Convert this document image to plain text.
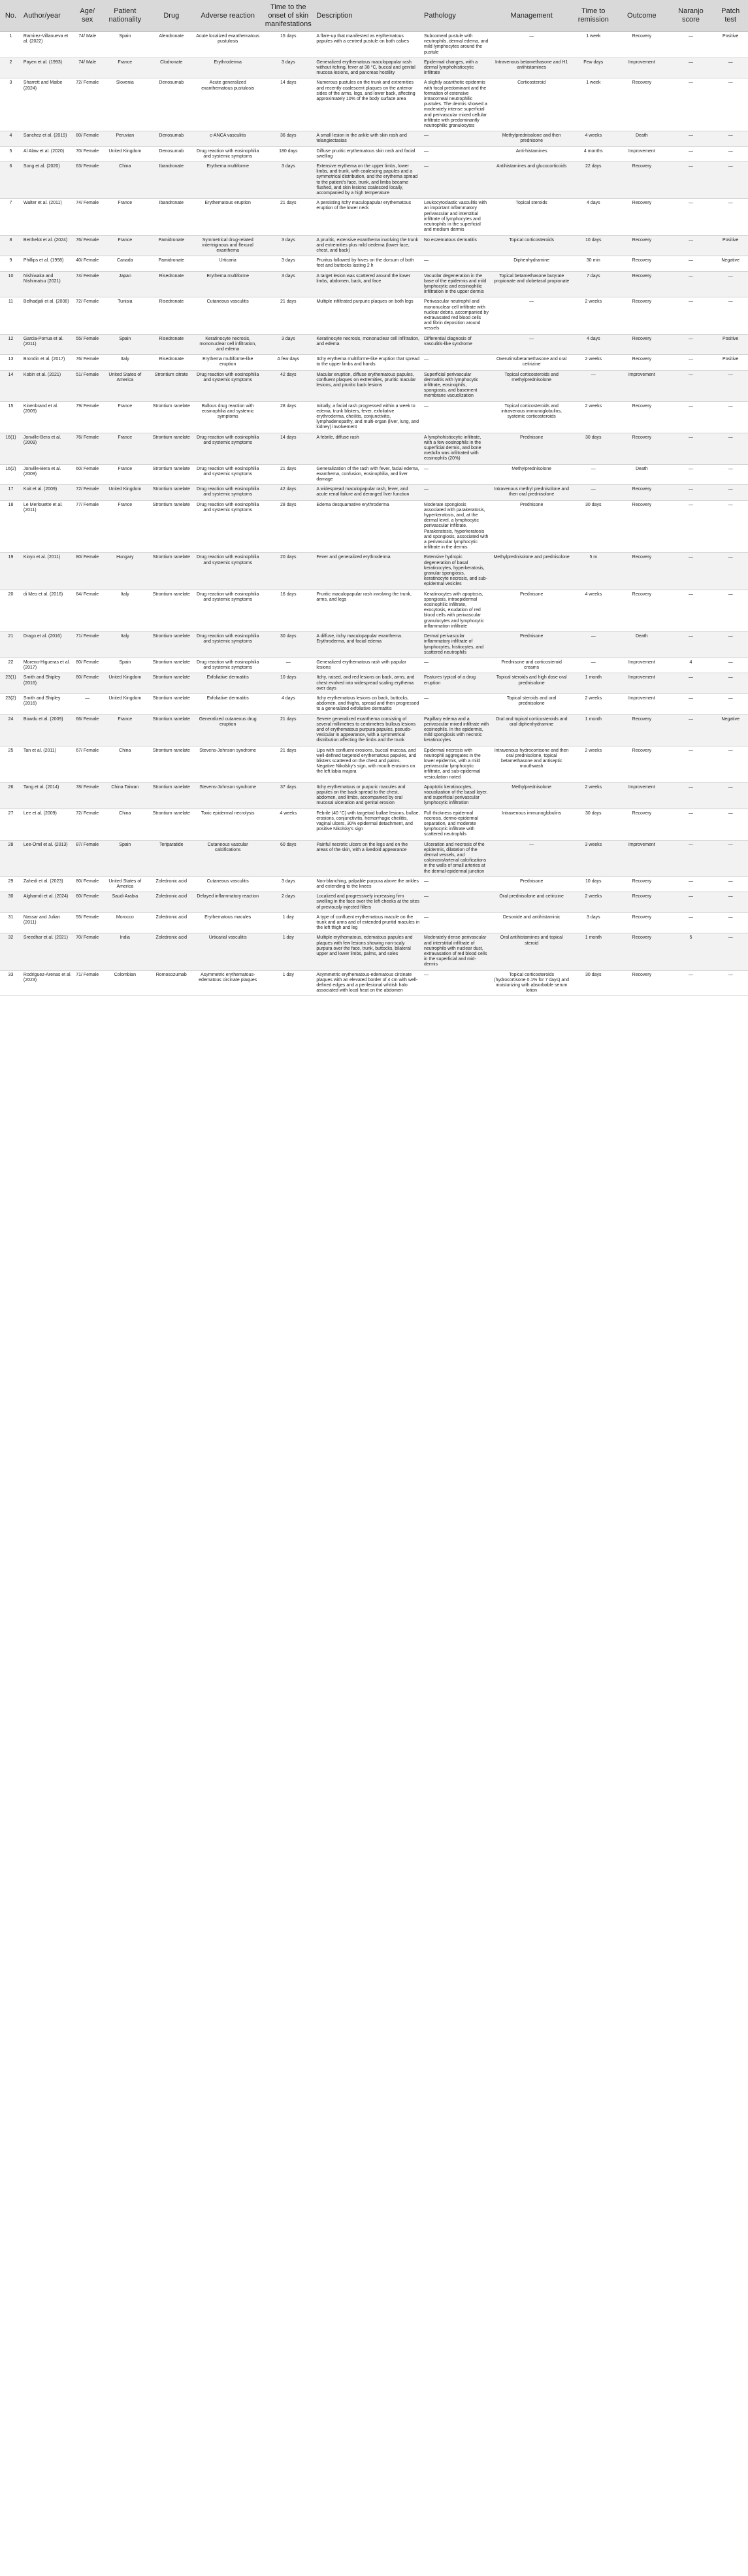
No.	Author/year	Age/ sex	Patient nationality	Drug	Adverse reaction	Time to the onset of skin manifestations	Description	Pathology	Management	Time to remission	Outcome	Naranjo score	Patch test
1	Ramirez-Villanueva et al. (2022)	74/ Male	Spain	Alendronate	Acute localized exanthematous pustulosis	15 days	A flare-up that manifested as erythematous papules with a centred pustule on both calves	Subcorneal pustule with neutrophils, dermal edema, and mild lymphocytes around the pustule	—	1 week	Recovery	—	Positive
2	Payen et al. (1993)	74/ Male	France	Clodronate	Erythroderma	3 days	Generalized erythematous maculopapular rash without itching, fever at 38 °C, buccal and genital mucosa lesions, and pancreas hostility	Epidermal changes, with a dermal lymphohistiocytic infiltrate	Intravenous betamethasone and H1 antihistamines	Few days	Improvement	—	—
3	Sharrett and Maibe (2024)	72/ Female	Slovenia	Denosumab	Acute generalized exanthematous pustulosis	14 days	Numerous pustules on the trunk and extremities and recently coalescent plaques on the anterior sides of the arms, legs, and lower back, affecting approximately 10% of the body surface area	A slightly acanthotic epidermis with focal predominant and the formation of extensive intracorneal neutrophilic pustules. The dermis showed a moderately intense superficial and perivascular mixed cellular infiltrate with predominantly neutrophilic granulocytes	Corticosteroid	1 week	Recovery	—	—
4	Sanchez et al. (2019)	80/ Female	Peruvian	Denosumab	c-ANCA vasculitis	36 days	A small lesion in the ankle with skin rash and telangiectasias	—	Methylprednisolone and then prednisone	4 weeks	Death	—	—
5	Al Alaw et al. (2020)	70/ Female	United Kingdom	Denosumab	Drug reaction with eosinophilia and systemic symptoms	180 days	Diffuse pruritic erythematous skin rash and facial swelling	—	Anti-histamines	4 months	Improvement	—	—
6	Song et al. (2020)	63/ Female	China	Ibandronate	Erythema multiforme	3 days	Extensive erythema on the upper limbs, lower limbs, and trunk, with coalescing papules and a symmetrical distribution, and the erythema spread to the patient's face, trunk, and limbs became flushed, and skin lesions coalesced locally, accompanied by a high temperature	—	Antihistamines and glucocorticoids	22 days	Recovery	—	—
7	Walter et al. (2011)	74/ Female	France	Ibandronate	Erythematous eruption	21 days	A persisting itchy maculopapular erythematous eruption of the lower neck	Leukocytoclastic vasculitis with an important inflammatory perivascular and interstitial infiltrate of lymphocytes and neutrophils in the superficial and medium dermis	Topical steroids	4 days	Recovery	—	—
8	Berthelot et al. (2024)	76/ Female	France	Pamidronate	Symmetrical drug-related intertriginous and flexural exanthema	3 days	A pruritic, extensive exanthema involving the trunk and extremities plus mild oedema (lower face, chest, and back)	No eczematous dermatitis	Topical corticosteroids	10 days	Recovery	—	Positive
9	Phillips et al. (1998)	40/ Female	Canada	Pamidronate	Urticaria	3 days	Pruritus followed by hives on the dorsum of both feet and buttocks lasting 2 h	—	Diphenhydramine	30 min	Recovery	—	Negative
10	Nishiwaka and Nishimatsu (2021)	74/ Female	Japan	Risedronate	Erythema multiforme	3 days	A target lesion was scattered around the lower limbs, abdomen, back, and face	Vacuolar degeneration in the base of the epidermis and mild lymphocytic and eosinophilic infiltration in the upper dermis	Topical betamethasone butyrate propionate and clobetasol propionate	7 days	Recovery	—	—
11	Belhadjali et al. (2008)	72/ Female	Tunisia	Risedronate	Cutaneous vasculitis	21 days	Multiple infiltrated purpuric plaques on both legs	Perivascular neutrophil and mononuclear cell infiltrate with nuclear debris, accompanied by extravasated red blood cells and fibrin deposition around vessels	—	2 weeks	Recovery	—	—
12	Garcia-Porrua et al. (2011)	55/ Female	Spain	Risedronate	Keratinocyte necrosis, mononuclear cell infiltration, and edema	3 days	Keratinocyte necrosis, mononuclear cell infiltration, and edema	Differential diagnosis of vasculitis-like syndrome	—	4 days	Recovery	—	Positive
13	Brondin et al. (2017)	76/ Female	Italy	Risedronate	Erythema multiforme-like eruption	A few days	Itchy erythema multiforme-like eruption that spread to the upper limbs and hands	—	Oxerutins/betamethasone and oral cetirizine	2 weeks	Recovery	—	Positive
14	Kobin et al. (2021)	51/ Female	United States of America	Strontium citrate	Drug reaction with eosinophilia and systemic symptoms	42 days	Macular eruption, diffuse erythematous papules, confluent plaques on extremities, pruritic macular lesions, and pruritic back lesions	Superficial perivascular dermatitis with lymphocytic infiltrate, eosinophils, spongiosis, and basement membrane vacuolization	Topical corticosteroids and methylprednisolone	—	Improvement	—	—
15	Kinenbrand et al. (2009)	79/ Female	France	Strontium ranelate	Bullous drug reaction with eosinophilia and systemic symptoms	28 days	Initially, a facial rash progressed within a week to edema, trunk blisters, fever, exfoliative erythroderma, cheilitis, conjunctivitis, lymphadenopathy, and multi-organ (liver, lung, and kidney) involvement	—	Topical corticosteroids and intravenous immunoglobulins, systemic corticosteroids	2 weeks	Recovery	—	—
16(1)	Jonville-Bera et al. (2009)	76/ Female	France	Strontium ranelate	Drug reaction with eosinophilia and systemic symptoms	14 days	A febrile, diffuse rash	A lymphohistiocytic infiltrate, with a few eosinophils in the superficial dermis, and bone medulla was infiltrated with eosinophils (20%)	Prednisone	30 days	Recovery	—	—
16(2)	Jonville-Bera et al. (2009)	60/ Female	France	Strontium ranelate	Drug reaction with eosinophilia and systemic symptoms	21 days	Generalization of the rash with fever, facial edema, exanthema, confusion, eosinophilia, and liver damage	—	Methylprednisolone	—	Death	—	—
17	Koit et al. (2009)	72/ Female	United Kingdom	Strontium ranelate	Drug reaction with eosinophilia and systemic symptoms	42 days	A widespread maculopapular rash, fever, and acute renal failure and deranged liver function	—	Intravenous methyl prednisolone and then oral prednisolone	—	Recovery	—	—
18	Le Merlouette et al. (2011)	77/ Female	France	Strontium ranelate	Drug reaction with eosinophilia and systemic symptoms	28 days	Edema desquamative erythroderma	Moderate spongiosis associated with parakeratosis, hyperkeratosis, and, at the dermal level, a lymphocytic perivascular infiltrate. Parakeratosis, hyperkeratosis and spongiosis, associated with a perivascular lymphocytic infiltrate in the dermis	Prednisone	30 days	Recovery	—	—
19	Kinyo et al. (2011)	80/ Female	Hungary	Strontium ranelate	Drug reaction with eosinophilia and systemic symptoms	20 days	Fever and generalized erythroderma	Extensive hydropic degeneration of basal keratinocytes, hyperkeratosis, granular spongiosis, keratinocyte necrosis, and sub-epidermal vesicles	Methylprednisolone and prednisolone	5 m	Recovery	—	—
20	di Meo et al. (2016)	64/ Female	Italy	Strontium ranelate	Drug reaction with eosinophilia and systemic symptoms	16 days	Pruritic maculopapular rash involving the trunk, arms, and legs	Keratinocytes with apoptosis, spongiosis, intraepidermal eosinophilic infiltrate, exocytosis, exudation of red blood cells with perivascular granulocytes and lymphocytic inflammation infiltrate	Prednisone	4 weeks	Recovery	—	—
21	Drago et al. (2016)	71/ Female	Italy	Strontium ranelate	Drug reaction with eosinophilia and systemic symptoms	30 days	A diffuse, itchy maculopapular exanthema. Erythroderma, and facial edema	Dermal perivascular inflammatory infiltrate of lymphocytes, histiocytes, and scattered neutrophils	Prednisone	—	Death	—	—
22	Moreno-Higueras et al. (2017)	80/ Female	Spain	Strontium ranelate	Drug reaction with eosinophilia and systemic symptoms	—	Generalized erythematous rash with papular lesions	—	Prednisone and corticosteroid creams	—	Improvement	4	—
23(1)	Smith and Shipley (2016)	80/ Female	United Kingdom	Strontium ranelate	Exfoliative dermatitis	10 days	Itchy, raised, and red lesions on back, arms, and chest evolved into widespread scaling erythema over days	Features typical of a drug eruption	Topical steroids and high dose oral prednisolone	1 month	Improvement	—	—
23(2)	Smith and Shipley (2016)	—	United Kingdom	Strontium ranelate	Exfoliative dermatitis	4 days	Itchy erythematous lesions on back, buttocks, abdomen, and thighs, spread and then progressed to a generalized exfoliative dermatitis	—	Topical steroids and oral prednisolone	2 weeks	Improvement	—	—
24	Bowdu et al. (2009)	66/ Female	France	Strontium ranelate	Generalized cutaneous drug eruption	21 days	Severe generalized exanthema consisting of several millimetres to centimetres bullous lesions and of erythematous purpura papules, pseudo-vesicular in appearance, with a symmetrical distribution affecting the limbs and the trunk	Papillary edema and a perivascular mixed infiltrate with eosinophils. In the epidermis, mild spongiosis with necrotic keratinocytes	Oral and topical corticosteroids and oral diphenhydramine	1 month	Recovery	—	Negative
25	Tan et al. (2011)	67/ Female	China	Strontium ranelate	Stevens-Johnson syndrome	21 days	Lips with confluent erosions, buccal mucosa, and well-defined targetoid erythematous papules, and blisters scattered on the chest and palms. Negative Nikolsky's sign, with mouth erosions on the left labia majora	Epidermal necrosis with neutrophil aggregates in the lower epidermis, with a mild perivascular lymphocytic infiltrate, and sub-epidermal vesiculation noted	Intravenous hydrocortisone and then oral prednisolone, topical betamethasone and antiseptic mouthwash	2 weeks	Recovery	—	—
26	Tang et al. (2014)	78/ Female	China Taiwan	Strontium ranelate	Stevens-Johnson syndrome	37 days	Itchy erythematous or purpuric macules and papules on the back spread to the chest, abdomen, and limbs, accompanied by oral mucosal ulceration and genital erosion	Apoptotic keratinocytes, vacuolization of the basal layer, and superficial perivascular lymphocytic infiltration	Methylprednisolone	2 weeks	Improvement	—	—
27	Lee et al. (2009)	72/ Female	China	Strontium ranelate	Toxic epidermal necrolysis	4 weeks	Febrile (40 °C) with targetoid bullae lesions, bullae, erosions, conjunctivitis, hemorrhagic cheilitis, vaginal ulcers, 30% epidermal detachment, and positive Nikolsky's sign	Full thickness epidermal necrosis, dermo-epidermal separation, and moderate lymphocytic infiltrate with scattered neutrophils	Intravenous immunoglobulins	30 days	Recovery	—	—
28	Lee-Omil et al. (2013)	87/ Female	Spain	Teriparatide	Cutaneous vascular calcifications	60 days	Painful necrotic ulcers on the legs and on the areas of the skin, with a livedoid appearance	Ulceration and necrosis of the epidermis, dilatation of the dermal vessels, and calcinosis/arterial calcifications in the walls of small arteries at the dermal-epidermal junction	—	3 weeks	Improvement	—	—
29	Zahedi et al. (2023)	80/ Female	United States of America	Zoledronic acid	Cutaneous vasculitis	3 days	Non-blanching, palpable purpura above the ankles and extending to the knees	—	Prednisone	10 days	Recovery	—	—
30	Alghamdi et al. (2024)	60/ Female	Saudi Arabia	Zoledronic acid	Delayed inflammatory reaction	2 days	Localized and progressively increasing firm swelling in the face over the left cheeks at the sites of previously injected fillers	—	Oral prednisolone and cetirizine	2 weeks	Recovery	—	—
31	Nassar and Julian (2011)	55/ Female	Morocco	Zoledronic acid	Erythematous macules	1 day	A type of confluent erythematous macule on the trunk and arms and of extended pruritid macules in the left thigh and leg	—	Desonide and antihistaminic	3 days	Recovery	—	—
32	Sreedhar et al. (2021)	70/ Female	India	Zoledronic acid	Urticarial vasculitis	1 day	Multiple erythematous, edematous papules and plaques with few lesions showing non-scaly purpura over the face, trunk, buttocks, bilateral upper and lower limbs, palms, and soles	Moderately dense perivascular and interstitial infiltrate of neutrophils with nuclear dust, extravasation of red blood cells in the superficial and mid-dermis	Oral antihistamines and topical steroid	1 month	Recovery	5	—
33	Rodriguez-Arenas et al. (2023)	71/ Female	Colombian	Romosozumab	Asymmetric erythematous-edematous circinate plaques	1 day	Asymmetric erythematous-edematous circinate plaques with an elevated border of 4 cm with well-defined edges and a perilesional whitish halo associated with local heat on the abdomen	—	Topical corticosteroids (hydrocortisone 0.1% for 7 days) and moisturizing with absorbable serum lotion	30 days	Recovery	—	—
